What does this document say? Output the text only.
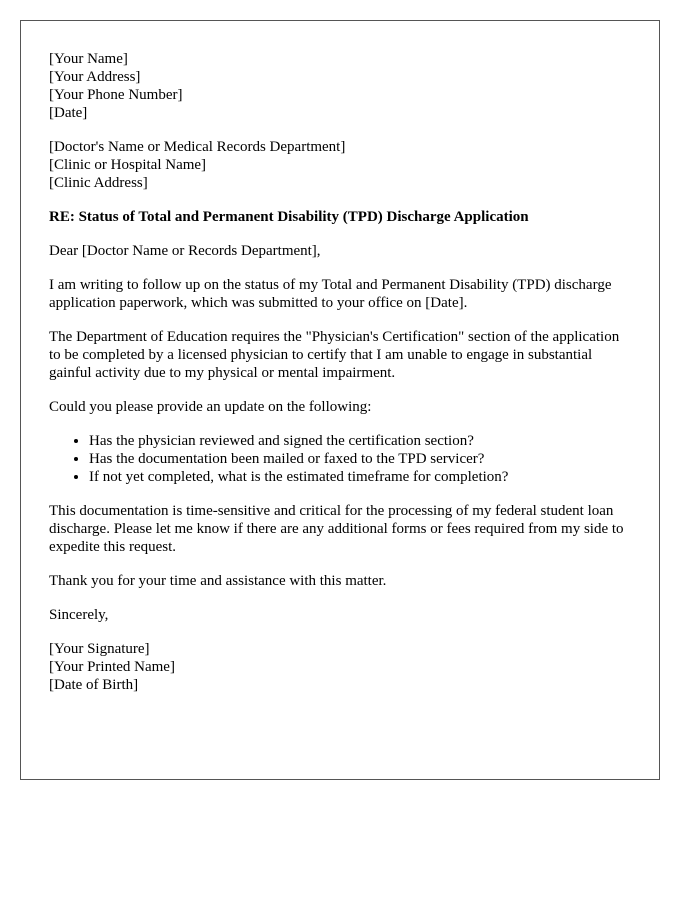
[Your Name]
[Your Address]
[Your Phone Number]
[Date]
[Doctor's Name or Medical Records Department]
[Clinic or Hospital Name]
[Clinic Address]
RE: Status of Total and Permanent Disability (TPD) Discharge Application

Dear [Doctor Name or Records Department],

I am writing to follow up on the status of my Total and Permanent Disability (TPD) discharge application paperwork, which was submitted to your office on [Date].

The Department of Education requires the "Physician's Certification" section of the application to be completed by a licensed physician to certify that I am unable to engage in substantial gainful activity due to my physical or mental impairment.

Could you please provide an update on the following:

• Has the physician reviewed and signed the certification section?
• Has the documentation been mailed or faxed to the TPD servicer?
• If not yet completed, what is the estimated timeframe for completion?

This documentation is time-sensitive and critical for the processing of my federal student loan discharge. Please let me know if there are any additional forms or fees required from my side to expedite this request.

Thank you for your time and assistance with this matter.

Sincerely,

[Your Signature]
[Your Printed Name]
[Date of Birth]
